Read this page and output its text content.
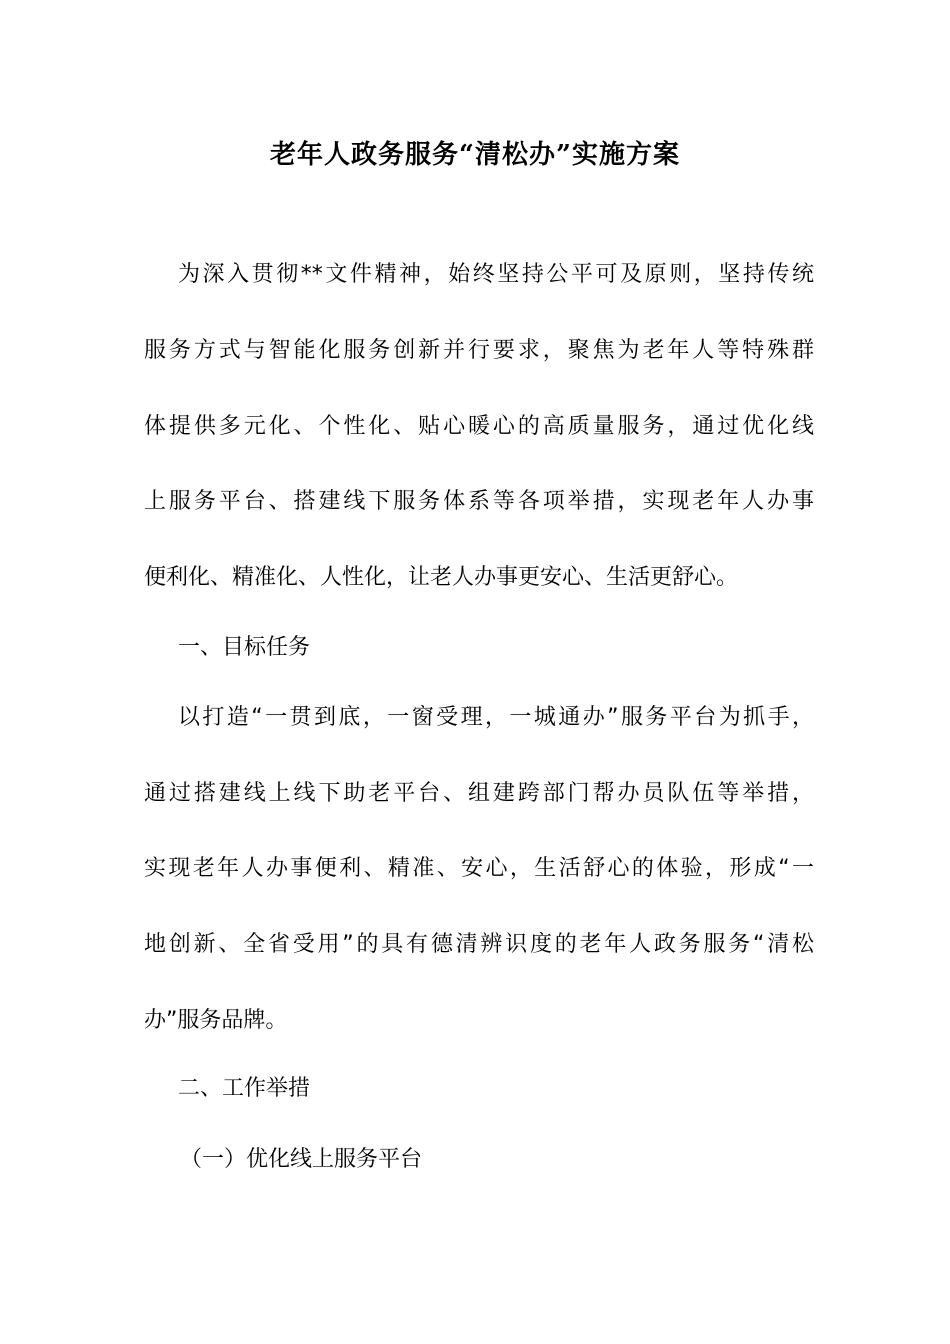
老年人政务服务“清松办”实施方案
为深入贯彻**文件精神，始终坚持公平可及原则，坚持传统
服务方式与智能化服务创新并行要求，聚焦为老年人等特殊群
体提供多元化、个性化、贴心暖心的高质量服务，通过优化线
上服务平台、搭建线下服务体系等各项举措，实现老年人办事
便利化、精准化、人性化，让老人办事更安心、生活更舒心。
一、目标任务
以打造“一贯到底，一窗受理，一城通办”服务平台为抓手，
通过搭建线上线下助老平台、组建跨部门帮办员队伍等举措，
实现老年人办事便利、精准、安心，生活舒心的体验，形成“一
地创新、全省受用”的具有德清辨识度的老年人政务服务“清松
办”服务品牌。
二、工作举措
（一）优化线上服务平台
